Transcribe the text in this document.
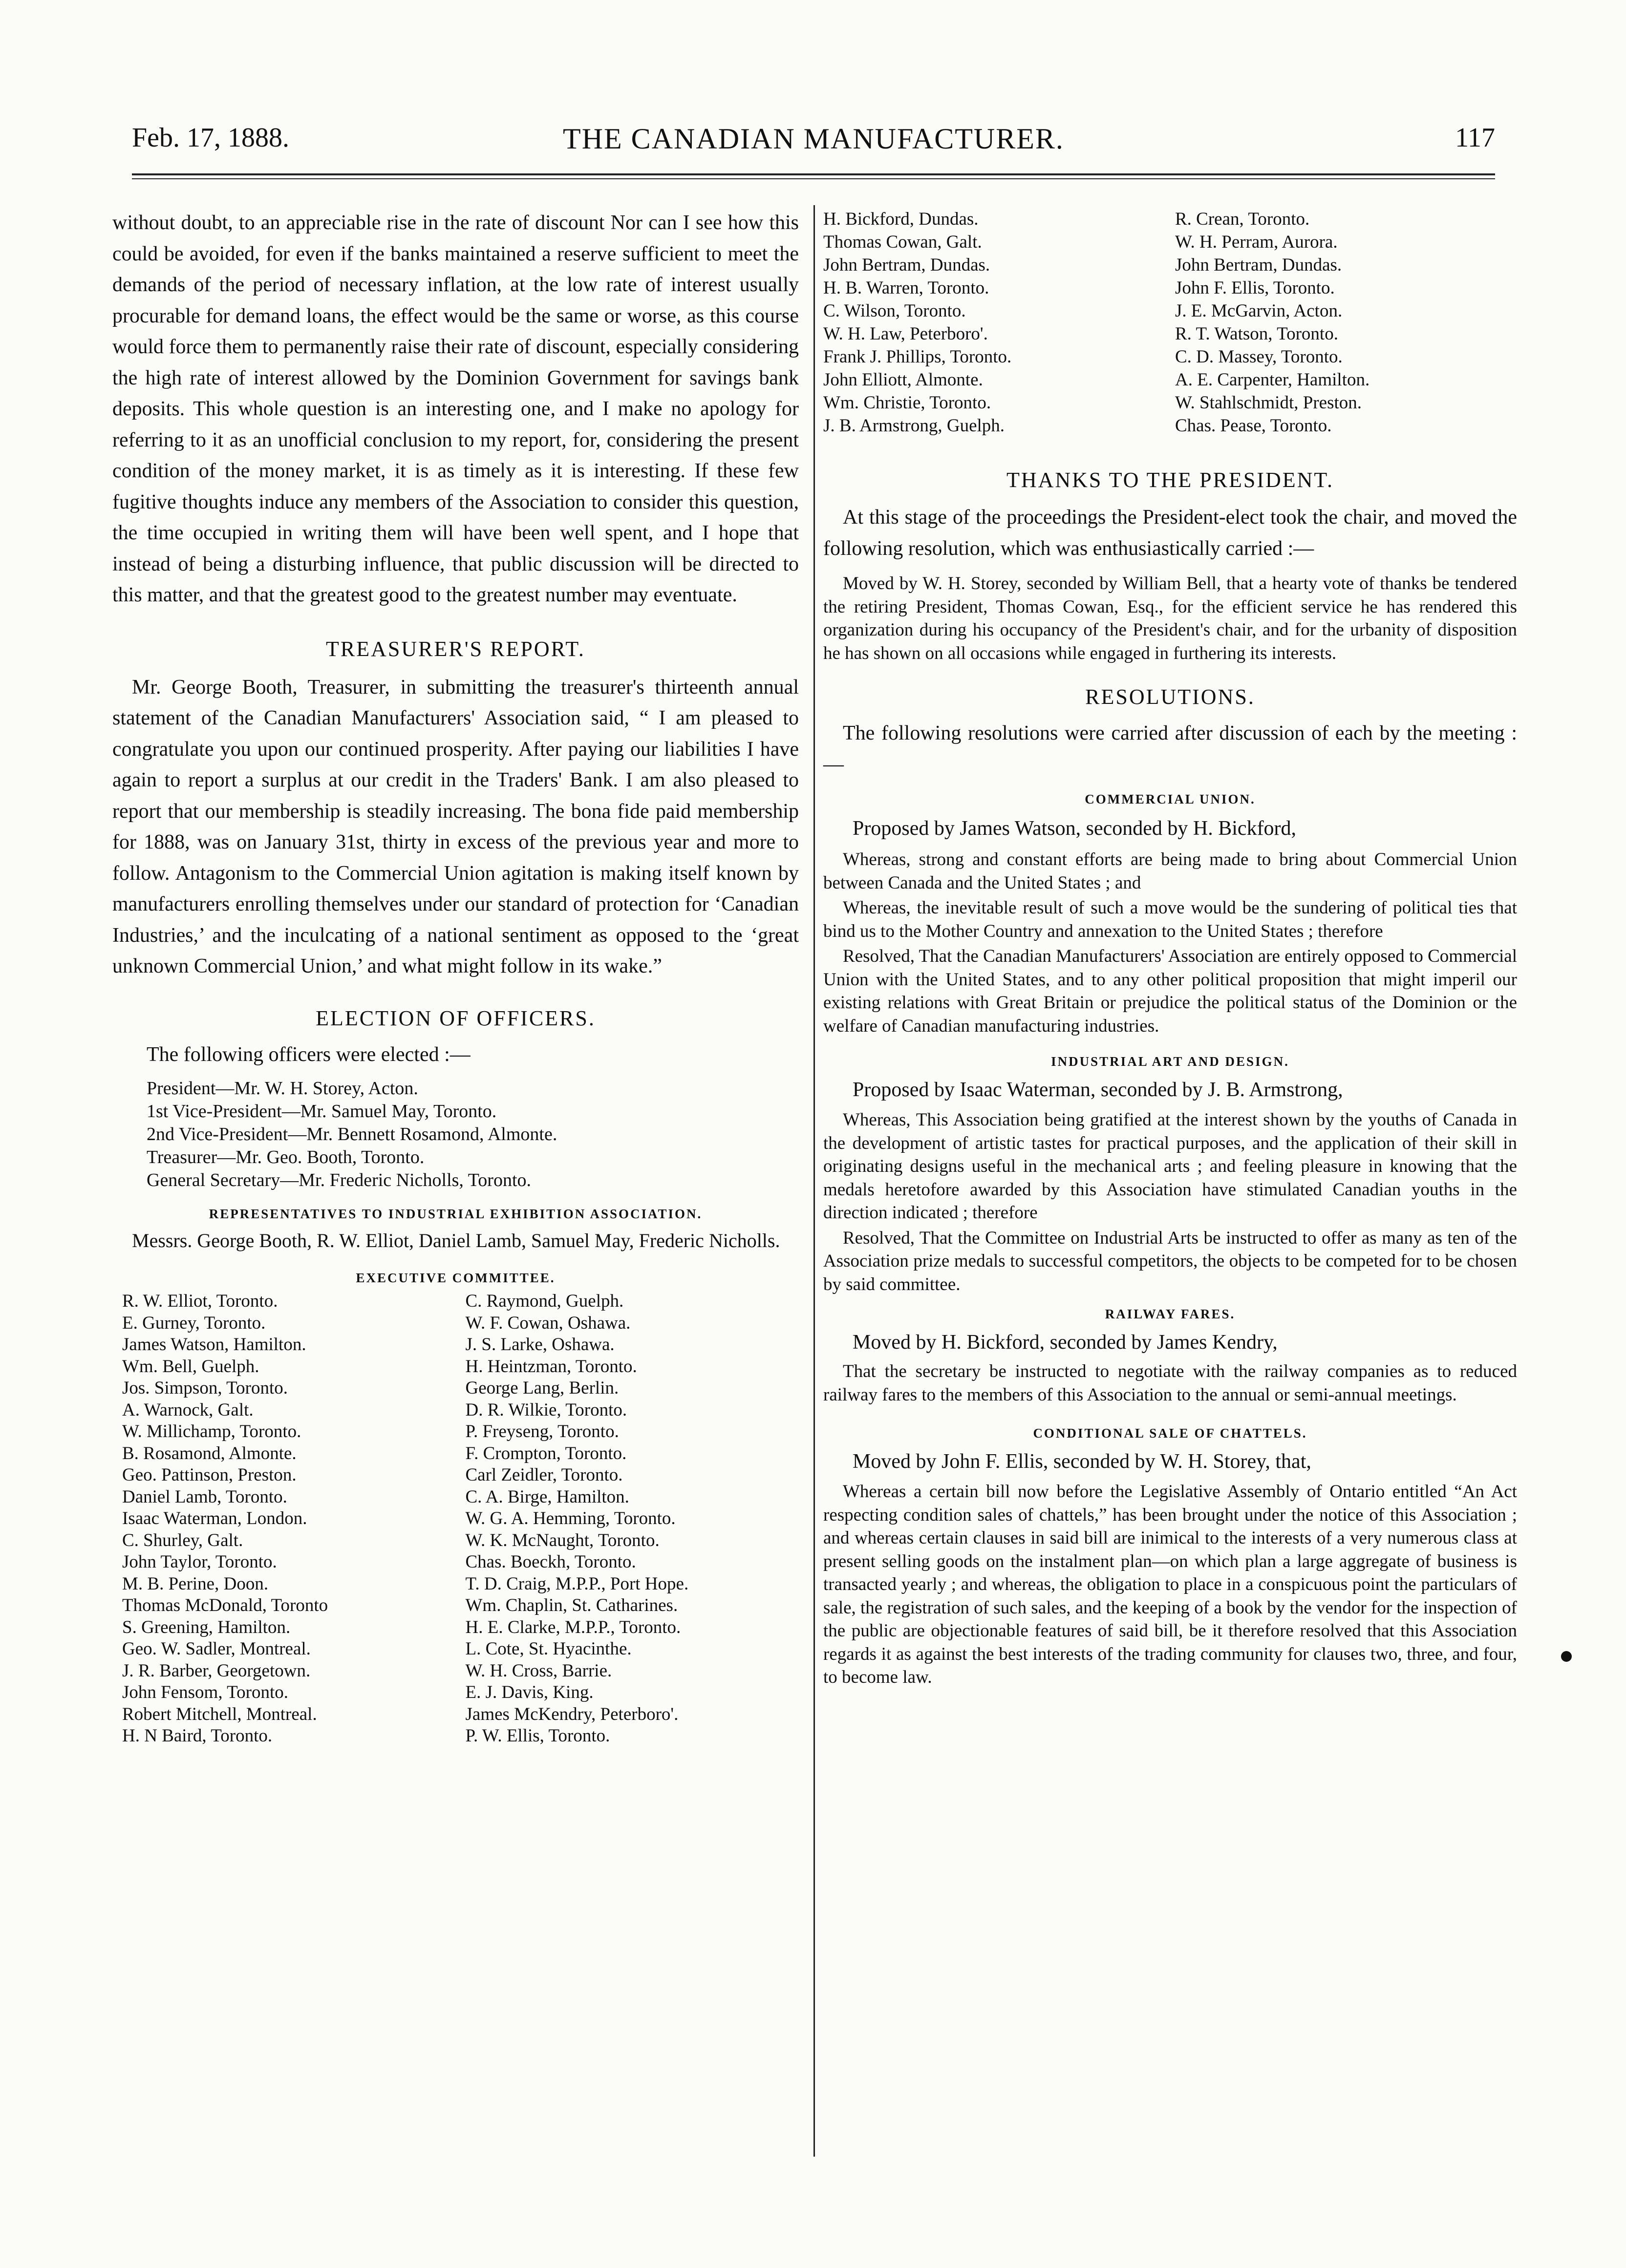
Feb. 17, 1888.	THE CANADIAN MANUFACTURER.	117

without doubt, to an appreciable rise in the rate of discount Nor can I see how this could be avoided, for even if the banks maintained a reserve sufficient to meet the demands of the period of necessary inflation, at the low rate of interest usually procurable for demand loans, the effect would be the same or worse, as this course would force them to permanently raise their rate of discount, especially considering the high rate of interest allowed by the Dominion Government for savings bank deposits. This whole question is an interesting one, and I make no apology for referring to it as an unofficial conclusion to my report, for, considering the present condition of the money market, it is as timely as it is interesting. If these few fugitive thoughts induce any members of the Association to consider this question, the time occupied in writing them will have been well spent, and I hope that instead of being a disturbing influence, that public discussion will be directed to this matter, and that the greatest good to the greatest number may eventuate.

TREASURER'S REPORT.

Mr. George Booth, Treasurer, in submitting the treasurer's thirteenth annual statement of the Canadian Manufacturers' Association said, “ I am pleased to congratulate you upon our continued prosperity. After paying our liabilities I have again to report a surplus at our credit in the Traders' Bank. I am also pleased to report that our membership is steadily increasing. The bona fide paid membership for 1888, was on January 31st, thirty in excess of the previous year and more to follow. Antagonism to the Commercial Union agitation is making itself known by manufacturers enrolling themselves under our standard of protection for ‘Canadian Industries,’ and the inculcating of a national sentiment as opposed to the ‘great unknown Commercial Union,’ and what might follow in its wake.”

ELECTION OF OFFICERS.

The following officers were elected :—

President—Mr. W. H. Storey, Acton.
1st Vice-President—Mr. Samuel May, Toronto.
2nd Vice-President—Mr. Bennett Rosamond, Almonte.
Treasurer—Mr. Geo. Booth, Toronto.
General Secretary—Mr. Frederic Nicholls, Toronto.

REPRESENTATIVES TO INDUSTRIAL EXHIBITION ASSOCIATION.

Messrs. George Booth, R. W. Elliot, Daniel Lamb, Samuel May, Frederic Nicholls.

EXECUTIVE COMMITTEE.

R. W. Elliot, Toronto.	C. Raymond, Guelph.
E. Gurney, Toronto.	W. F. Cowan, Oshawa.
James Watson, Hamilton.	J. S. Larke, Oshawa.
Wm. Bell, Guelph.	H. Heintzman, Toronto.
Jos. Simpson, Toronto.	George Lang, Berlin.
A. Warnock, Galt.	D. R. Wilkie, Toronto.
W. Millichamp, Toronto.	P. Freyseng, Toronto.
B. Rosamond, Almonte.	F. Crompton, Toronto.
Geo. Pattinson, Preston.	Carl Zeidler, Toronto.
Daniel Lamb, Toronto.	C. A. Birge, Hamilton.
Isaac Waterman, London.	W. G. A. Hemming, Toronto.
C. Shurley, Galt.	W. K. McNaught, Toronto.
John Taylor, Toronto.	Chas. Boeckh, Toronto.
M. B. Perine, Doon.	T. D. Craig, M.P.P., Port Hope.
Thomas McDonald, Toronto	Wm. Chaplin, St. Catharines.
S. Greening, Hamilton.	H. E. Clarke, M.P.P., Toronto.
Geo. W. Sadler, Montreal.	L. Cote, St. Hyacinthe.
J. R. Barber, Georgetown.	W. H. Cross, Barrie.
John Fensom, Toronto.	E. J. Davis, King.
Robert Mitchell, Montreal.	James McKendry, Peterboro'.
H. N Baird, Toronto.	P. W. Ellis, Toronto.
H. Bickford, Dundas.	R. Crean, Toronto.
Thomas Cowan, Galt.	W. H. Perram, Aurora.
John Bertram, Dundas.	John Bertram, Dundas.
H. B. Warren, Toronto.	John F. Ellis, Toronto.
C. Wilson, Toronto.	J. E. McGarvin, Acton.
W. H. Law, Peterboro'.	R. T. Watson, Toronto.
Frank J. Phillips, Toronto.	C. D. Massey, Toronto.
John Elliott, Almonte.	A. E. Carpenter, Hamilton.
Wm. Christie, Toronto.	W. Stahlschmidt, Preston.
J. B. Armstrong, Guelph.	Chas. Pease, Toronto.

THANKS TO THE PRESIDENT.

At this stage of the proceedings the President-elect took the chair, and moved the following resolution, which was enthusiastically carried :—

Moved by W. H. Storey, seconded by William Bell, that a hearty vote of thanks be tendered the retiring President, Thomas Cowan, Esq., for the efficient service he has rendered this organization during his occupancy of the President's chair, and for the urbanity of disposition he has shown on all occasions while engaged in furthering its interests.

RESOLUTIONS.

The following resolutions were carried after discussion of each by the meeting :—

COMMERCIAL UNION.

Proposed by James Watson, seconded by H. Bickford,

Whereas, strong and constant efforts are being made to bring about Commercial Union between Canada and the United States ; and

Whereas, the inevitable result of such a move would be the sundering of political ties that bind us to the Mother Country and annexation to the United States ; therefore

Resolved, That the Canadian Manufacturers' Association are entirely opposed to Commercial Union with the United States, and to any other political proposition that might imperil our existing relations with Great Britain or prejudice the political status of the Dominion or the welfare of Canadian manufacturing industries.

INDUSTRIAL ART AND DESIGN.

Proposed by Isaac Waterman, seconded by J. B. Armstrong,

Whereas, This Association being gratified at the interest shown by the youths of Canada in the development of artistic tastes for practical purposes, and the application of their skill in originating designs useful in the mechanical arts ; and feeling pleasure in knowing that the medals heretofore awarded by this Association have stimulated Canadian youths in the direction indicated ; therefore

Resolved, That the Committee on Industrial Arts be instructed to offer as many as ten of the Association prize medals to successful competitors, the objects to be competed for to be chosen by said committee.

RAILWAY FARES.

Moved by H. Bickford, seconded by James Kendry,

That the secretary be instructed to negotiate with the railway companies as to reduced railway fares to the members of this Association to the annual or semi-annual meetings.

CONDITIONAL SALE OF CHATTELS.

Moved by John F. Ellis, seconded by W. H. Storey, that,

Whereas a certain bill now before the Legislative Assembly of Ontario entitled “An Act respecting condition sales of chattels,” has been brought under the notice of this Association ; and whereas certain clauses in said bill are inimical to the interests of a very numerous class at present selling goods on the instalment plan—on which plan a large aggregate of business is transacted yearly ; and whereas, the obligation to place in a conspicuous point the particulars of sale, the registration of such sales, and the keeping of a book by the vendor for the inspection of the public are objectionable features of said bill, be it therefore resolved that this Association regards it as against the best interests of the trading community for clauses two, three, and four, to become law.
